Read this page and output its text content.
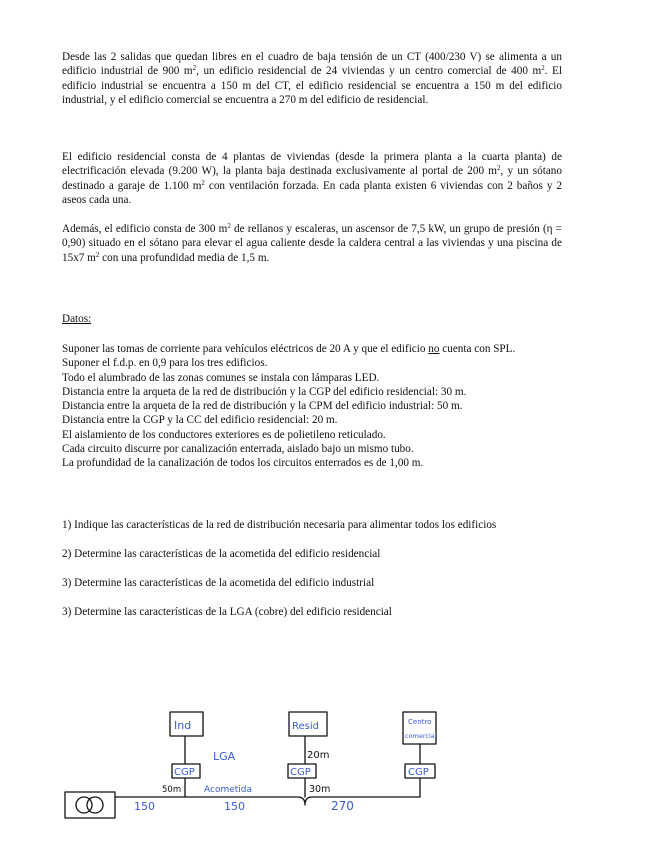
Desde las 2 salidas que quedan libres en el cuadro de baja tensión de un CT (400/230 V) se alimenta a un edificio industrial de 900 $m^2$, un edificio residencial de 24 viviendas y un centro comercial de 400 $m^2$. El edificio industrial se encuentra a 150 m del CT, el edificio residencial se encuentra a 150 m del edificio industrial, y el edificio comercial se encuentra a 270 m del edificio de residencial.

El edificio residencial consta de 4 plantas de viviendas (desde la primera planta a la cuarta planta) de electrificación elevada (9.200 W), la planta baja destinada exclusivamente al portal de 200 $m^2$, y un sótano destinado a garaje de 1.100 $m^2$ con ventilación forzada. En cada planta existen 6 viviendas con 2 baños y 2 aseos cada una.

Además, el edificio consta de 300 $m^2$ de rellanos y escaleras, un ascensor de 7,5 kW, un grupo de presión (η = 0,90) situado en el sótano para elevar el agua caliente desde la caldera central a las viviendas y una piscina de 15x7 $m^2$ con una profundidad media de 1,5 m.

Datos:

Suponer las tomas de corriente para vehículos eléctricos de 20 A y que el edificio no cuenta con SPL.

Suponer el f.d.p. en 0,9 para los tres edificios.

Todo el alumbrado de las zonas comunes se instala con lámparas LED.

Distancia entre la arqueta de la red de distribución y la CGP del edificio residencial: 30 m.

Distancia entre la arqueta de la red de distribución y la CPM del edificio industrial: 50 m.

Distancia entre la CGP y la CC del edificio residencial: 20 m.

El aislamiento de los conductores exteriores es de polietileno reticulado.

Cada circuito discurre por canalización enterrada, aislado bajo un mismo tubo.

La profundidad de la canalización de todos los circuitos enterrados es de 1,00 m.

1) Indique las características de la red de distribución necesaria para alimentar todos los edificios

2) Determine las características de la acometida del edificio residencial

3) Determine las características de la acometida del edificio industrial

3) Determine las características de la LGA (cobre) del edificio residencial

Ind	Resid	Centro
comercial
LGA	20m
CGP	CGP	CGP
50m	Acometida	30m
150	150	270
